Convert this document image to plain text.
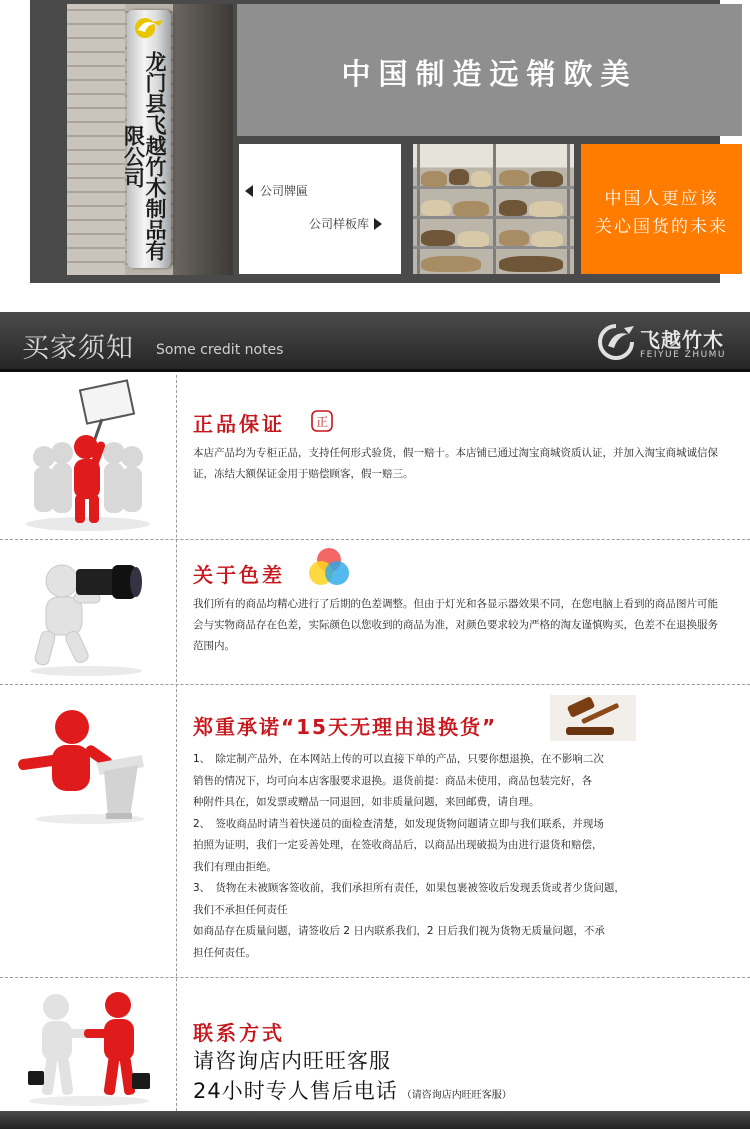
龙门县飞越竹木制品有限公司
中国制造远销欧美
公司牌匾
公司样板库
中国人更应该
关心国货的未来
买家须知 Some credit notes	飞越竹木
FEIYUE ZHUMU
正品保证	正
本店产品均为专柜正品，支持任何形式验货，假一赔十。本店铺已通过淘宝商城资质认证，并加入淘宝商城诚信保证，冻结大额保证金用于赔偿顾客，假一赔三。
关于色差
我们所有的商品均精心进行了后期的色差调整。但由于灯光和各显示器效果不同，在您电脑上看到的商品图片可能会与实物商品存在色差，实际颜色以您收到的商品为准，对颜色要求较为严格的淘友谨慎购买，色差不在退换服务范围内。
郑重承诺“15天无理由退换货”

1、　除定制产品外，在本网站上传的可以直接下单的产品，只要你想退换，在不影响二次

销售的情况下，均可向本店客服要求退换。退货前提：商品未使用，商品包装完好，各

种附件具在，如发票或赠品一同退回，如非质量问题，来回邮费，请自理。

2、　签收商品时请当着快递员的面检查清楚，如发现货物问题请立即与我们联系，并现场

拍照为证明，我们一定妥善处理，在签收商品后，以商品出现破损为由进行退货和赔偿，

我们有理由拒绝。

3、　货物在未被顾客签收前，我们承担所有责任，如果包裹被签收后发现丢货或者少货问题，

我们不承担任何责任

如商品存在质量问题，请签收后 2 日内联系我们，2 日后我们视为货物无质量问题，不承

担任何责任。

联系方式
请咨询店内旺旺客服
24小时专人售后电话 （请咨询店内旺旺客服）
